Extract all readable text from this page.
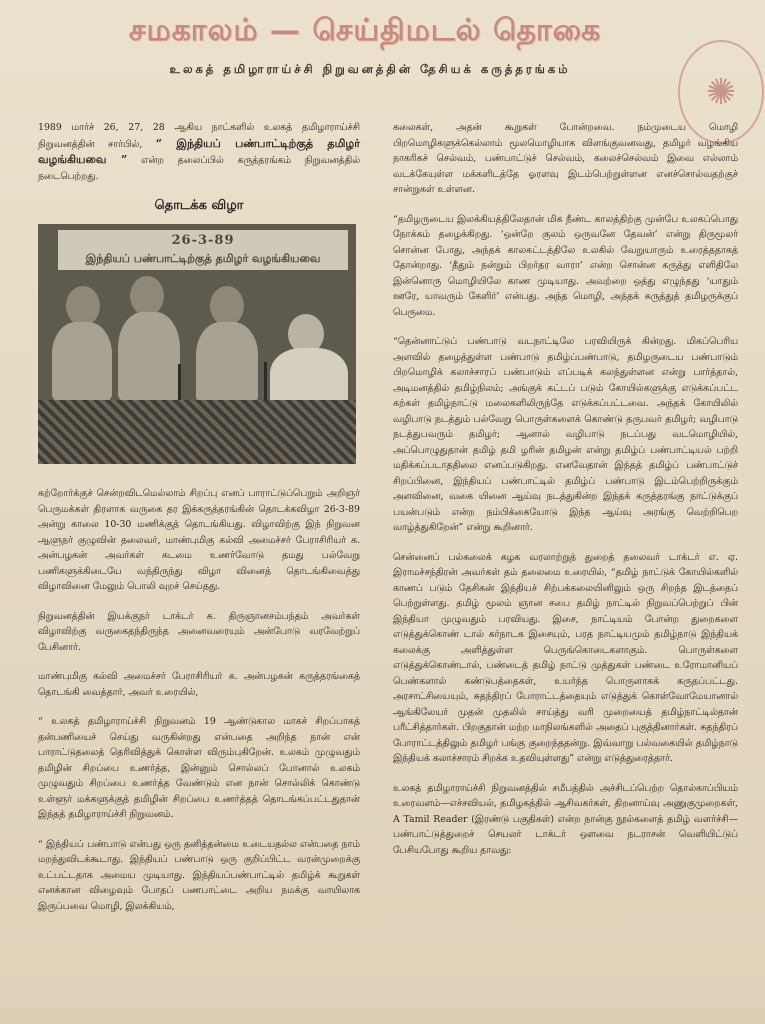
சமகாலம் — செய்திமடல் தொகை
உலகத் தமிழாராய்ச்சி நிறுவனத்தின் தேசியக் கருத்தரங்கம்
✺

1989 மார்ச் 26, 27, 28 ஆகிய நாட்களில் உலகத் தமிழாராய்ச்சி நிறுவனத்தின் சார்பில், “ இந்தியப் பண்பாட்டிற்குத் தமிழர் வழங்கியவை ” என்ற தலைப்பில் கருத்தரங்கம் நிறுவனத்தில் நடைபெற்றது.

தொடக்க விழா
26-3-89
இந்தியப் பண்பாட்டிற்குத் தமிழர் வழங்கியவை

கற்றோர்க்குச் சென்றவிடமெல்லாம் சிறப்பு எனப் பாராட்டுப்பெறும் அறிஞர் பெருமக்கள் திரளாக வருகை தர இக்கருத்தரங்கின் தொடக்கவிழா 26-3-89 அன்று காலை 10-30 மணிக்குத் தொடங்கியது. விழாவிற்கு இந் நிறுவன ஆளுநர் குழுவின் தலைவர், மாண்புமிகு கல்வி அமைச்சர் பேராசிரியர் க. அன்பழகன் அவர்கள் கடமை உணர்வோடு தமது பல்வேறு பணிகளுக்கிடையே வந்திருந்து விழா வினைத் தொடங்கிவைத்து விழாவினை மேலும் பொலி வுறச் செய்தது.

நிறுவனத்தின் இயக்குநர் டாக்டர் சு. திருஞானசம்பந்தம் அவர்கள் விழாவிற்கு வருகைதந்திருந்த அனைவரையும் அன்போடு வரவேற்றுப் பேசினார்.

மாண்புமிகு கல்வி அமைச்சர் பேராசிரியர் க. அன்பழகன் கருத்தரங்கைத் தொடங்கி வைத்தார், அவர் உரையில்,

“ உலகத் தமிழாராய்ச்சி நிறுவனம் 19 ஆண்டுகால மாகச் சிறப்பாகத் தன்பணியைச் செய்து வருகின்றது என்பதை அறிந்த நான் என் பாராட்டுதலைத் தெரிவித்துக் கொள்ள விரும்புகிறேன். உலகம் முழுவதும் தமிழின் சிறப்பை உணர்த்த, இன்னும் சொல்லப் போனால் உலகம் முழுவதும் சிறப்பை உணர்த்த வேண்டும் என நான் சொல்லிக் கொண்டு உள்ளூர் மக்களுக்குத் தமிழின் சிறப்பை உணர்த்தத் தொடங்கப்பட்டதுதான் இந்தத் தமிழாராய்ச்சி நிறுவனம்.

“ இந்தியப் பண்பாடு என்பது ஒரு தனித்தன்மை உடையதல்ல என்பதை நாம் மறந்துவிடக்கூடாது. இந்தியப் பண்பாடு ஒரு குறிப்பிட்ட வரன்முறைக்கு உட்பட்டதாக அமைய முடியாது. இந்தியப்பண்பாட்டில் தமிழ்க் கூறுகள் எனக்கான விழைவும் போதப் பணபாட்டை அறிய நமக்கு வாயிலாக இருப்பவை மொழி, இலக்கியம்,

கலைகள், அதன் கூறுகள் போன்றவை. நம்முடைய மொழி பிறமொழிகளுக்கெல்லாம் மூலமொழியாக விளங்குவனவது, தமிழர் வழங்கிய நாகரிகச் செல்வம், பண்பாட்டுச் செல்வம், கலைச்செல்வம் இவை எல்லாம் வடக்கேயுள்ள மக்களிடத்தே ஓரளவு இடம்பெற்றுள்ளன எனச்சொல்வதற்குச் சான்றுகள் உள்ளன.

“தமிழருடைய இலக்கியத்திலேதான் மிக நீண்ட காலத்திற்கு முன்பே உலகப்பொது நோக்கம் தழைக்கிறது. ‘ஒன்றே குலம் ஒருவனே தேவன்’ என்று திருமூலர் சொன்ன போது, அந்தக் காலகட்டத்திலே உலகில் வேறுயாரும் உரைத்ததாகத் தோன்றாது. ‘தீதும் நன்றும் பிறர்தர வாரா’ என்ற சொன்ன கருத்து எளிதிலே இன்னொரு மொழியிலே காண முடியாது. அவற்றை ஒத்து எழுந்தது ‘யாதும் ஊரே, யாவரும் கேளிர்’ என்பது. அந்த மொழி, அந்தக் கருத்துத் தமிழருக்குப் பெருமை.

“தென்னாட்டுப் பண்பாடு வடநாட்டிலே பரவியிருக் கின்றது. மிகப்பெரிய அளவில் தழைத்துள்ள பண்பாடு தமிழ்ப்பண்பாடு, தமிழருடைய பண்பாடும் பிறமொழிக் கலாச்சாரப் பண்பாடும் எப்படிக் கலந்துள்ளன என்று பார்த்தால், அடிமனத்தில் தமிழ்நிலம்; அங்குக் கட்டப் படும் கோயில்களுக்கு எடுக்கப்பட்ட கற்கள் தமிழ்நாட்டு மலைகளிலிருந்தே எடுக்கப்பட்டவை. அந்தக் கோயிலில் வழிபாடு நடத்தும் பல்வேறு பொருள்களைக் கொண்டு தருபவர் தமிழர்; வழிபாடு நடத்துபவரும் தமிழர்; ஆனால் வழிபாடு நடப்பது வடமொழியில், அப்பொழுதுதான் தமிழ் தமி ழரின் தமிழன் என்று தமிழ்ப் பண்பாட்டியல் பற்றி மதிக்கப்படாததிலை எனப்படுகிறது. எனவேதான் இந்தத் தமிழ்ப் பண்பாட்டுச் சிறப்பினை, இந்தியப் பண்பாட்டில் தமிழ்ப் பண்பாடு இடம்பெற்றிருக்கும் அளவினை, வகை யினை ஆய்வு நடத்துகின்ற இந்தக் கருத்தரங்கு நாட்டுக்குப் பயன்படும் என்ற நம்பிக்கையோடு இந்த ஆய்வு அரங்கு வெற்றிபெற வாழ்த்துகிறேன்” என்று கூறினார்.

சென்னைப் பல்கலைக் கழக வரலாற்றுத் துறைத் தலைவர் டாக்டர் எ. ஏ. இராமச்சந்திரன் அவர்கள் தம் தலைமை உரையில், “தமிழ் நாட்டுக் கோயில்களில் காணப் படும் தேசிகன் இந்தியச் சிற்பக்கலையினிலும் ஒரு சிறந்த இடத்தைப் பெற்றுள்ளது. தமிழ் மூலம் ஞான சபை தமிழ் நாட்டில் நிறுவப்பெற்றுப் பின் இந்தியா முழுவதும் பரவியது. இசை, நாட்டியம் போன்ற துறைகளை எடுத்துக்கொண் டால் கர்நாடக இசையும், பரத நாட்டியமும் தமிழ்நாடு இந்தியக் கலைக்கு அளித்துள்ள பெருங்கொடைகளாகும். பொருள்களை எடுத்துக்கொண்டால், பண்டைத் தமிழ் நாட்டு முத்துகள் பண்டை உரோமானியப் பெண்களால் கண்டுபத்தைகள், உயர்ந்த பொருளாகக் கருதப்பட்டது. அரசாட்சியையும், சுதந்திரப் போராட்டத்தையும் எடுத்துக் கொள்வோமேயானால் ஆங்கிலேயர் முதன் முதலில் சாய்த்து வரி முறையைத் தமிழ்நாட்டில்தான் பரீட்சித்தார்கள். பிறகுதான் மற்ற மாநிலங்களில் அதைப் புகுத்தினார்கள். சுதந்திரப் போராட்டத்திலும் தமிழர் பங்கு குறைந்ததன்று. இவ்வாறு பல்வகையில் தமிழ்நாடு இந்தியக் கலாச்சாரம் சிறக்க உதவியுள்ளது” என்று எடுத்துரைத்தார்.

உலகத் தமிழாராய்ச்சி நிறுவனத்தில் சமீபத்தில் அச்சிடப்பெற்ற தொல்காப்பியம் உரைவளம்—எச்சவியல், தமிழகத்தில் ஆசிவகர்கள், திறனாய்வு அணுகுமுறைகள், A Tamil Reader (இரண்டு பகுதிகள்) என்ற நான்கு நூல்களைத் தமிழ் வளர்ச்சி—பண்பாட்டுத்துறைச் செயலர் டாக்டர் ஔவை நடராசன் வெளியிட்டுப் பேசியபோது கூறிய தாவது:
